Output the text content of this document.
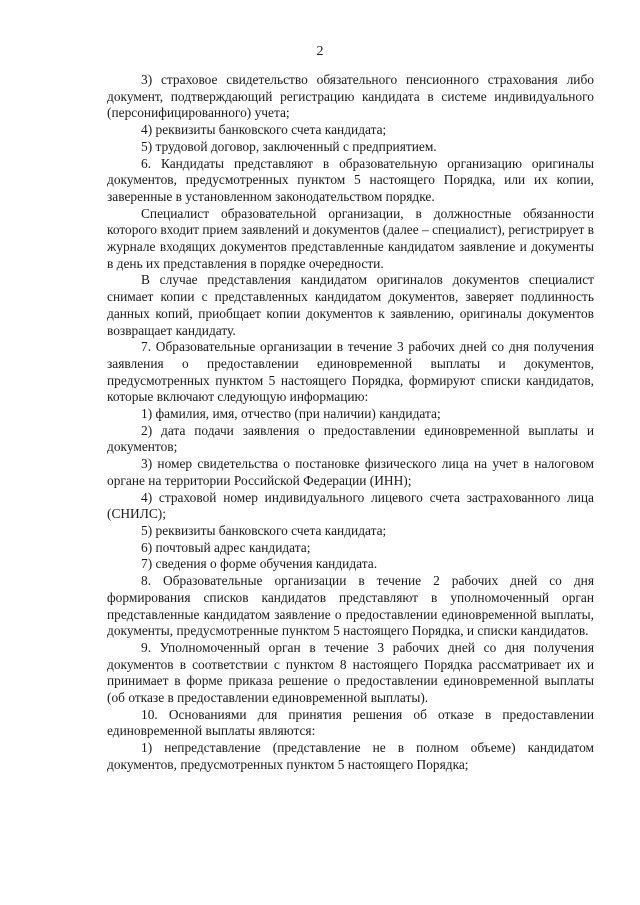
2

3) страховое свидетельство обязательного пенсионного страхования либо документ, подтверждающий регистрацию кандидата в системе индивидуального (персонифицированного) учета;

4) реквизиты банковского счета кандидата;

5) трудовой договор, заключенный с предприятием.

6. Кандидаты представляют в образовательную организацию оригиналы документов, предусмотренных пунктом 5 настоящего Порядка, или их копии, заверенные в установленном законодательством порядке.

Специалист образовательной организации, в должностные обязанности которого входит прием заявлений и документов (далее – специалист), регистрирует в журнале входящих документов представленные кандидатом заявление и документы в день их представления в порядке очередности.

В случае представления кандидатом оригиналов документов специалист снимает копии с представленных кандидатом документов, заверяет подлинность данных копий, приобщает копии документов к заявлению, оригиналы документов возвращает кандидату.

7. Образовательные организации в течение 3 рабочих дней со дня получения заявления о предоставлении единовременной выплаты и документов, предусмотренных пунктом 5 настоящего Порядка, формируют списки кандидатов, которые включают следующую информацию:

1) фамилия, имя, отчество (при наличии) кандидата;

2) дата подачи заявления о предоставлении единовременной выплаты и документов;

3) номер свидетельства о постановке физического лица на учет в налоговом органе на территории Российской Федерации (ИНН);

4) страховой номер индивидуального лицевого счета застрахованного лица (СНИЛС);

5) реквизиты банковского счета кандидата;

6) почтовый адрес кандидата;

7) сведения о форме обучения кандидата.

8. Образовательные организации в течение 2 рабочих дней со дня формирования списков кандидатов представляют в уполномоченный орган представленные кандидатом заявление о предоставлении единовременной выплаты, документы, предусмотренные пунктом 5 настоящего Порядка, и списки кандидатов.

9. Уполномоченный орган в течение 3 рабочих дней со дня получения документов в соответствии с пунктом 8 настоящего Порядка рассматривает их и принимает в форме приказа решение о предоставлении единовременной выплаты (об отказе в предоставлении единовременной выплаты).

10. Основаниями для принятия решения об отказе в предоставлении единовременной выплаты являются:

1) непредставление (представление не в полном объеме) кандидатом документов, предусмотренных пунктом 5 настоящего Порядка;
